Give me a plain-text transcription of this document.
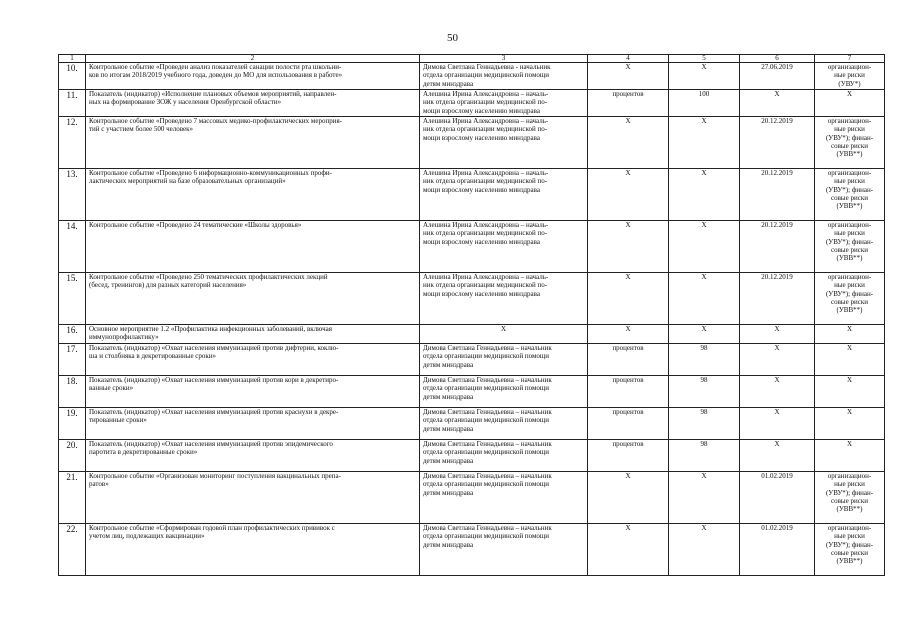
50
1	2	3	4	5	6	7
10.	Контрольное событие «Проведен анализ показателей санации полости рта школьни-
ков по итогам 2018/2019 учебного года, доведен до МО для использования в работе»	Димова Светлана Геннадьевна - начальник
отдела организации медицинской помощи
детям минздрава	X	X	27.06.2019	организацион-
ные риски
(УВУ*)
11.	Показатель (индикатор) «Исполнение плановых объемов мероприятий, направлен-
ных на формирование ЗОЖ у населения Оренбургской области»	Алешина Ирина Александровна – началь-
ник отдела организации медицинской по-
мощи взрослому населению минздрава	процентов	100	X	X
12.	Контрольное событие «Проведено 7 массовых медико-профилактических мероприя-
тий с участием более 500 человек»	Алешина Ирина Александровна – началь-
ник отдела организации медицинской по-
мощи взрослому населению минздрава	X	X	20.12.2019	организацион-
ные риски
(УВУ*); финан-
совые риски
(УВВ**)
13.	Контрольное событие «Проведено 6 информационно-коммуникационных профи-
лактических мероприятий на базе образовательных организаций»	Алешина Ирина Александровна – началь-
ник отдела организации медицинской по-
мощи взрослому населению минздрава	X	X	20.12.2019	организацион-
ные риски
(УВУ*); финан-
совые риски
(УВВ**)
14.	Контрольное событие «Проведено 24 тематические «Школы здоровья»	Алешина Ирина Александровна – началь-
ник отдела организации медицинской по-
мощи взрослому населению минздрава	X	X	20.12.2019	организацион-
ные риски
(УВУ*); финан-
совые риски
(УВВ**)
15.	Контрольное событие «Проведено 250 тематических профилактических лекций
(бесед, тренингов) для разных категорий населения»	Алешина Ирина Александровна – началь-
ник отдела организации медицинской по-
мощи взрослому населению минздрава	X	X	20.12.2019	организацион-
ные риски
(УВУ*); финан-
совые риски
(УВВ**)
16.	Основное мероприятие 1.2 «Профилактика инфекционных заболеваний, включая
иммунопрофилактику»	X	X	X	X	X
17.	Показатель (индикатор) «Охват населения иммунизацией против дифтерии, коклю-
ша и столбняка в декретированные сроки»	Димова Светлана Геннадьевна – начальник
отдела организации медицинской помощи
детям минздрава	процентов	98	X	X
18.	Показатель (индикатор) «Охват населения иммунизацией против кори в декретиро-
ванные сроки»	Димова Светлана Геннадьевна – начальник
отдела организации медицинской помощи
детям минздрава	процентов	98	X	X
19.	Показатель (индикатор) «Охват населения иммунизацией против краснухи в декре-
тированные сроки»	Димова Светлана Геннадьевна – начальник
отдела организации медицинской помощи
детям минздрава	процентов	98	X	X
20.	Показатель (индикатор) «Охват населения иммунизацией против эпидемического
паротита в декретированные сроки»	Димова Светлана Геннадьевна – начальник
отдела организации медицинской помощи
детям минздрава	процентов	98	X	X
21.	Контрольное событие «Организован мониторинг поступления вакцинальных препа-
ратов»	Димова Светлана Геннадьевна – начальник
отдела организации медицинской помощи
детям минздрава	X	X	01.02.2019	организацион-
ные риски
(УВУ*); финан-
совые риски
(УВВ**)
22.	Контрольное событие «Сформирован годовой план профилактических прививок с
учетом лиц, подлежащих вакцинации»	Димова Светлана Геннадьевна – начальник
отдела организации медицинской помощи
детям минздрава	X	X	01.02.2019	организацион-
ные риски
(УВУ*); финан-
совые риски
(УВВ**)
